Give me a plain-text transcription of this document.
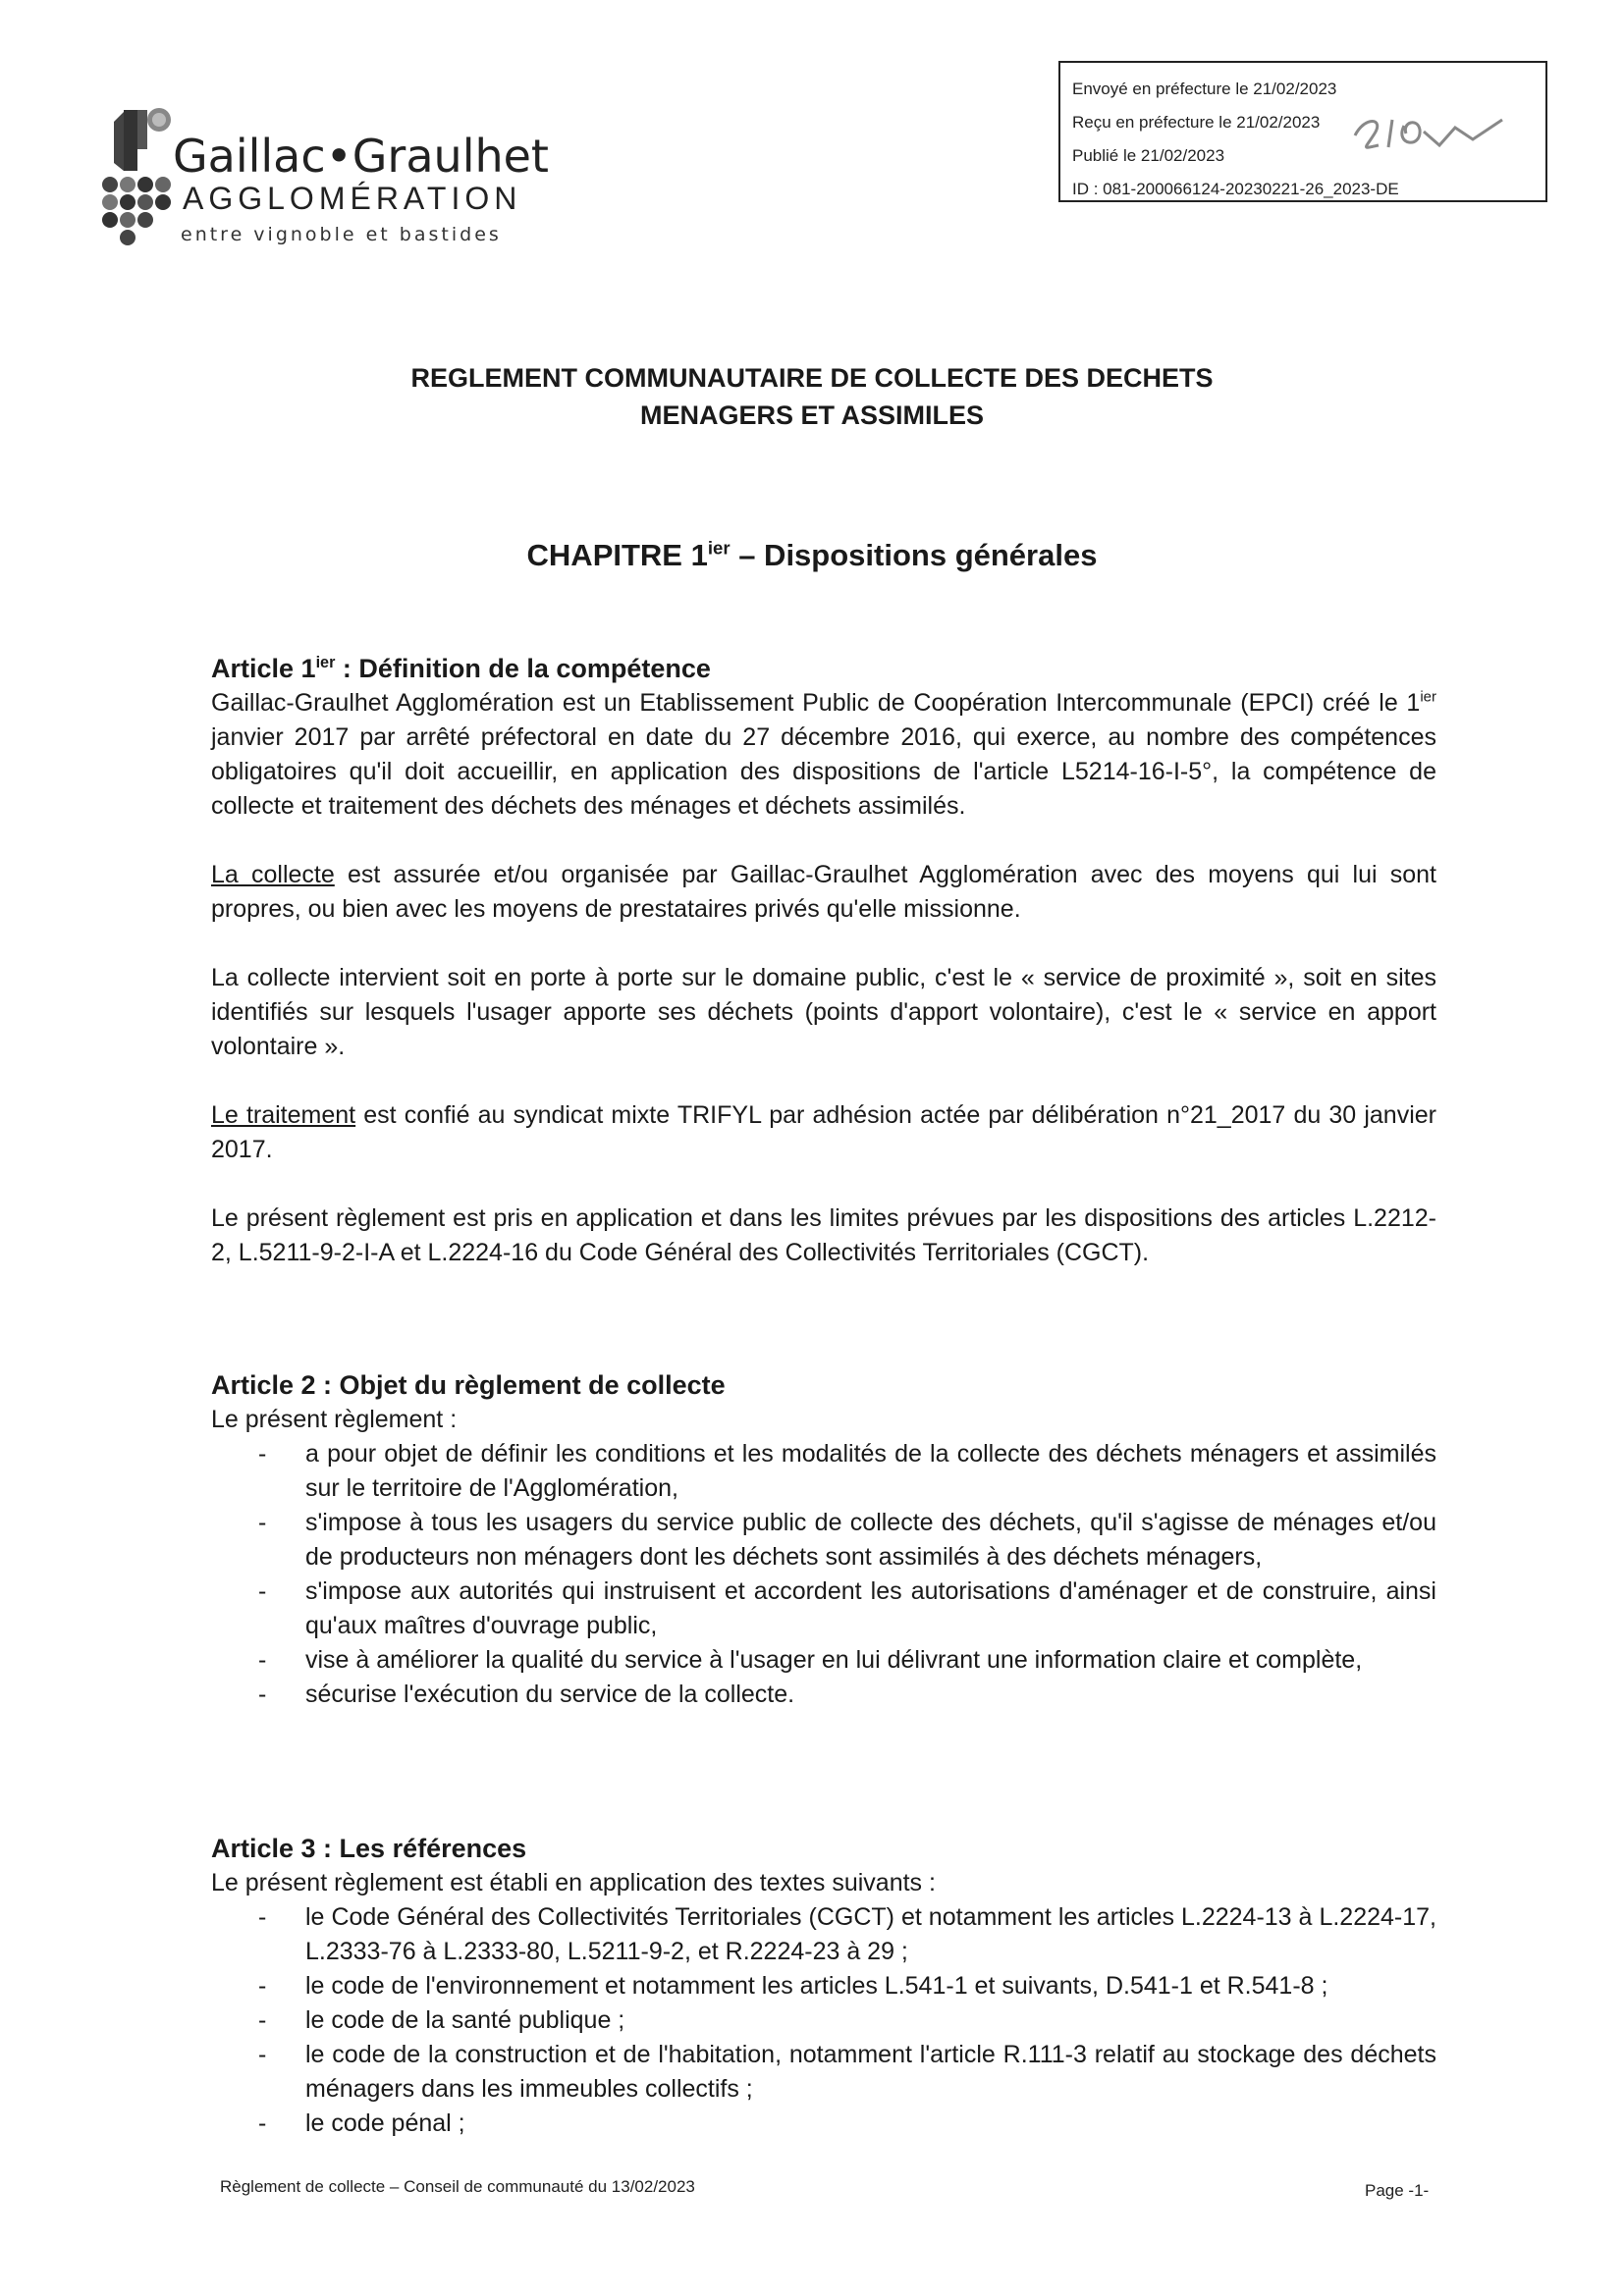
Gaillac•Graulhet
AGGLOMÉRATION
entre vignoble et bastides
Envoyé en préfecture le 21/02/2023
Reçu en préfecture le 21/02/2023
Publié le 21/02/2023
ID : 081-200066124-20230221-26_2023-DE
REGLEMENT COMMUNAUTAIRE DE COLLECTE DES DECHETS
MENAGERS ET ASSIMILES
CHAPITRE $1^{ier}$ – Dispositions générales
Article $1^{ier}$ : Définition de la compétence

Gaillac-Graulhet Agglomération est un Etablissement Public de Coopération Intercommunale (EPCI) créé le $1^{ier}$ janvier 2017 par arrêté préfectoral en date du 27 décembre 2016, qui exerce, au nombre des compétences obligatoires qu'il doit accueillir, en application des dispositions de l'article L5214-16-I-5°, la compétence de collecte et traitement des déchets des ménages et déchets assimilés.

La collecte est assurée et/ou organisée par Gaillac-Graulhet Agglomération avec des moyens qui lui sont propres, ou bien avec les moyens de prestataires privés qu'elle missionne.

La collecte intervient soit en porte à porte sur le domaine public, c'est le « service de proximité », soit en sites identifiés sur lesquels l'usager apporte ses déchets (points d'apport volontaire), c'est le « service en apport volontaire ».

Le traitement est confié au syndicat mixte TRIFYL par adhésion actée par délibération n°21_2017 du 30 janvier 2017.

Le présent règlement est pris en application et dans les limites prévues par les dispositions des articles L.2212-2, L.5211-9-2-I-A et L.2224-16 du Code Général des Collectivités Territoriales (CGCT).

Article 2 : Objet du règlement de collecte
Le présent règlement :
- a pour objet de définir les conditions et les modalités de la collecte des déchets ménagers et assimilés sur le territoire de l'Agglomération,
- s'impose à tous les usagers du service public de collecte des déchets, qu'il s'agisse de ménages et/ou de producteurs non ménagers dont les déchets sont assimilés à des déchets ménagers,
- s'impose aux autorités qui instruisent et accordent les autorisations d'aménager et de construire, ainsi qu'aux maîtres d'ouvrage public,
- vise à améliorer la qualité du service à l'usager en lui délivrant une information claire et complète,
- sécurise l'exécution du service de la collecte.
Article 3 : Les références
Le présent règlement est établi en application des textes suivants :
- le Code Général des Collectivités Territoriales (CGCT) et notamment les articles L.2224-13 à L.2224-17, L.2333-76 à L.2333-80, L.5211-9-2, et R.2224-23 à 29 ;
- le code de l'environnement et notamment les articles L.541-1 et suivants, D.541-1 et R.541-8 ;
- le code de la santé publique ;
- le code de la construction et de l'habitation, notamment l'article R.111-3 relatif au stockage des déchets ménagers dans les immeubles collectifs ;
- le code pénal ;
Règlement de collecte – Conseil de communauté du 13/02/2023	Page -1-
